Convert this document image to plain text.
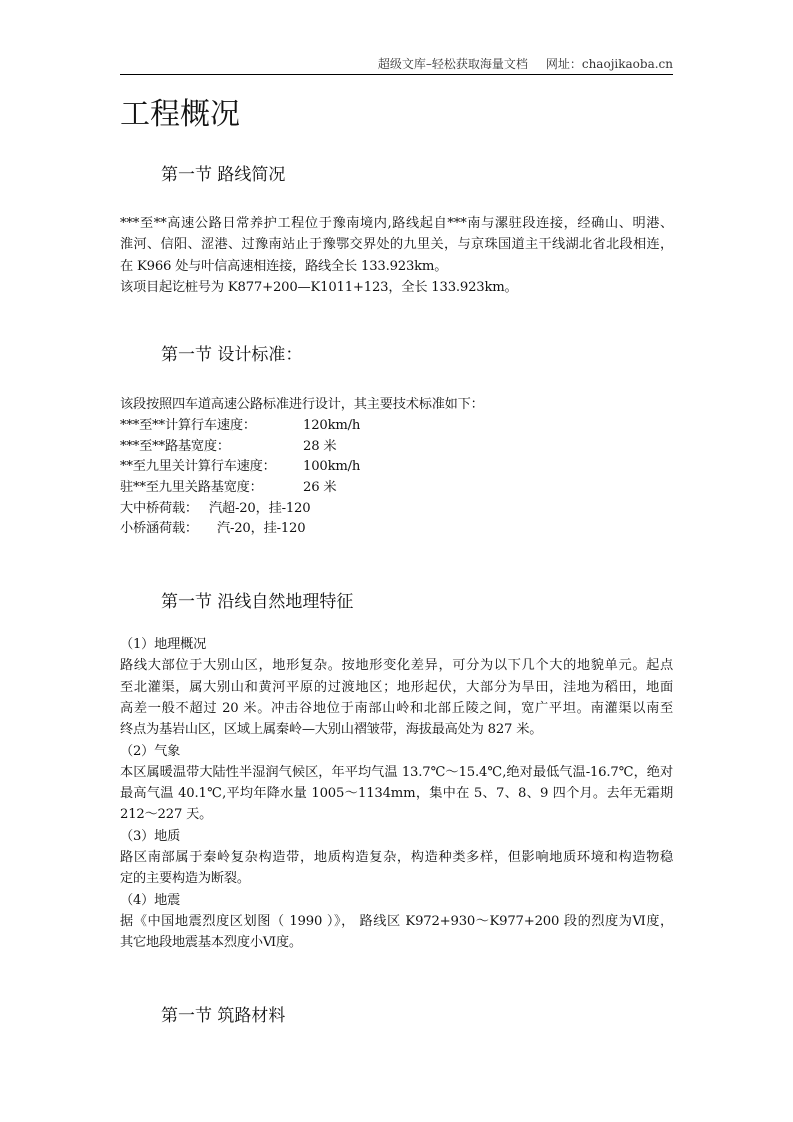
超级文库–轻松获取海量文档 网址：chaojikaoba.cn
工程概况
第一节 路线简况
***至**高速公路日常养护工程位于豫南境内,路线起自***南与漯驻段连接，经确山、明港、
淮河、信阳、涩港、过豫南站止于豫鄂交界处的九里关，与京珠国道主干线湖北省北段相连，
在 K966 处与叶信高速相连接，路线全长 133.923km。
该项目起讫桩号为 K877+200—K1011+123，全长 133.923km。
第一节 设计标准：
该段按照四车道高速公路标准进行设计，其主要技术标准如下：
***至**计算行车速度：	120km/h
***至**路基宽度：	28 米
**至九里关计算行车速度：	100km/h
驻**至九里关路基宽度：	26 米
大中桥荷载： 汽超-20，挂-120
小桥涵荷载：	汽-20，挂-120
第一节 沿线自然地理特征
（1）地理概况
路线大部位于大别山区，地形复杂。按地形变化差异，可分为以下几个大的地貌单元。起点
至北灌渠，属大别山和黄河平原的过渡地区；地形起伏，大部分为旱田，洼地为稻田，地面
高差一般不超过 20 米。冲击谷地位于南部山岭和北部丘陵之间，宽广平坦。南灌渠以南至
终点为基岩山区，区域上属秦岭—大别山褶皱带，海拔最高处为 827 米。
（2）气象
本区属暖温带大陆性半湿润气候区，年平均气温 13.7℃～15.4℃,绝对最低气温-16.7℃，绝对
最高气温 40.1℃,平均年降水量 1005～1134mm，集中在 5、7、8、9 四个月。去年无霜期
212～227 天。
（3）地质
路区南部属于秦岭复杂构造带，地质构造复杂，构造种类多样，但影响地质环境和构造物稳
定的主要构造为断裂。
（4）地震
据《中国地震烈度区划图（ 1990 ）》， 路线区 K972+930～K977+200 段的烈度为Ⅵ度，
其它地段地震基本烈度小Ⅵ度。
第一节 筑路材料
